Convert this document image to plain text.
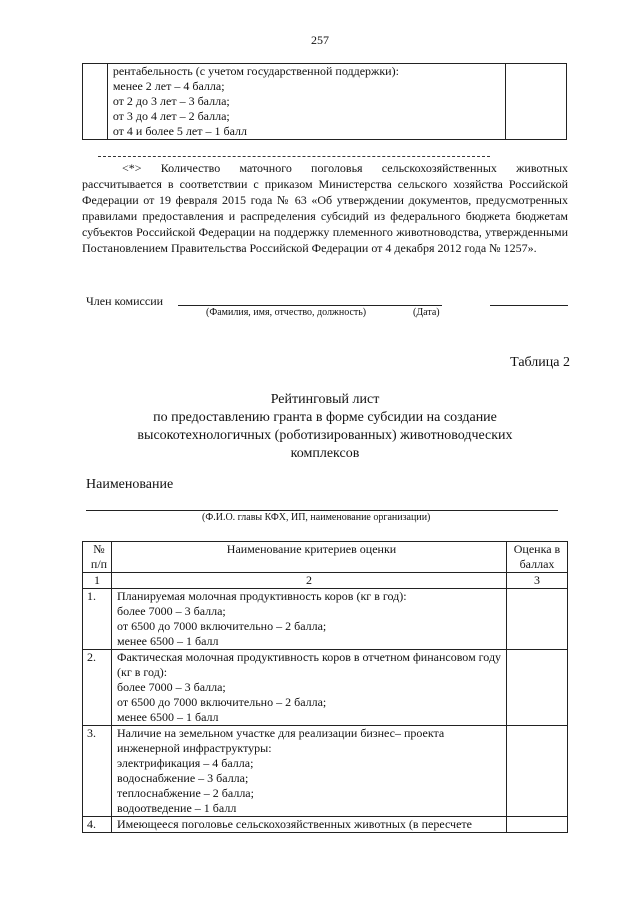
257

рентабельность (с учетом государственной поддержки):
менее 2 лет – 4 балла;
от 2 до 3 лет – 3 балла;
от 3 до 4 лет – 2 балла;
от 4 и более 5 лет – 1 балл

<*> Количество маточного поголовья сельскохозяйственных животных рассчитывается в соответствии с приказом Министерства сельского хозяйства Российской Федерации от 19 февраля 2015 года № 63 «Об утверждении документов, предусмотренных правилами предоставления и распределения субсидий из федерального бюджета бюджетам субъектов Российской Федерации на поддержку племенного животноводства, утвержденными Постановлением Правительства Российской Федерации от 4 декабря 2012 года № 1257».
Член комиссии
(Фамилия, имя, отчество, должность)	(Дата)
Таблица 2
Рейтинговый лист
по предоставлению гранта в форме субсидии на создание
высокотехнологичных (роботизированных) животноводческих
комплексов
Наименование
(Ф.И.О. главы КФХ, ИП, наименование организации)
№ п/п	Наименование критериев оценки	Оценка в баллах
1	2	3
1.	Планируемая молочная продуктивность коров (кг в год):
более 7000 – 3 балла;
от 6500 до 7000 включительно – 2 балла;
менее 6500 – 1 балл	

2.	Фактическая молочная продуктивность коров в отчетном финансовом году (кг в год):
более 7000 – 3 балла;
от 6500 до 7000 включительно – 2 балла;
менее 6500 – 1 балл	

3.	Наличие на земельном участке для реализации бизнес– проекта инженерной инфраструктуры:
электрификация – 4 балла;
водоснабжение – 3 балла;
теплоснабжение – 2 балла;
водоотведение – 1 балл	

4.	Имеющееся поголовье сельскохозяйственных животных (в пересчете	
